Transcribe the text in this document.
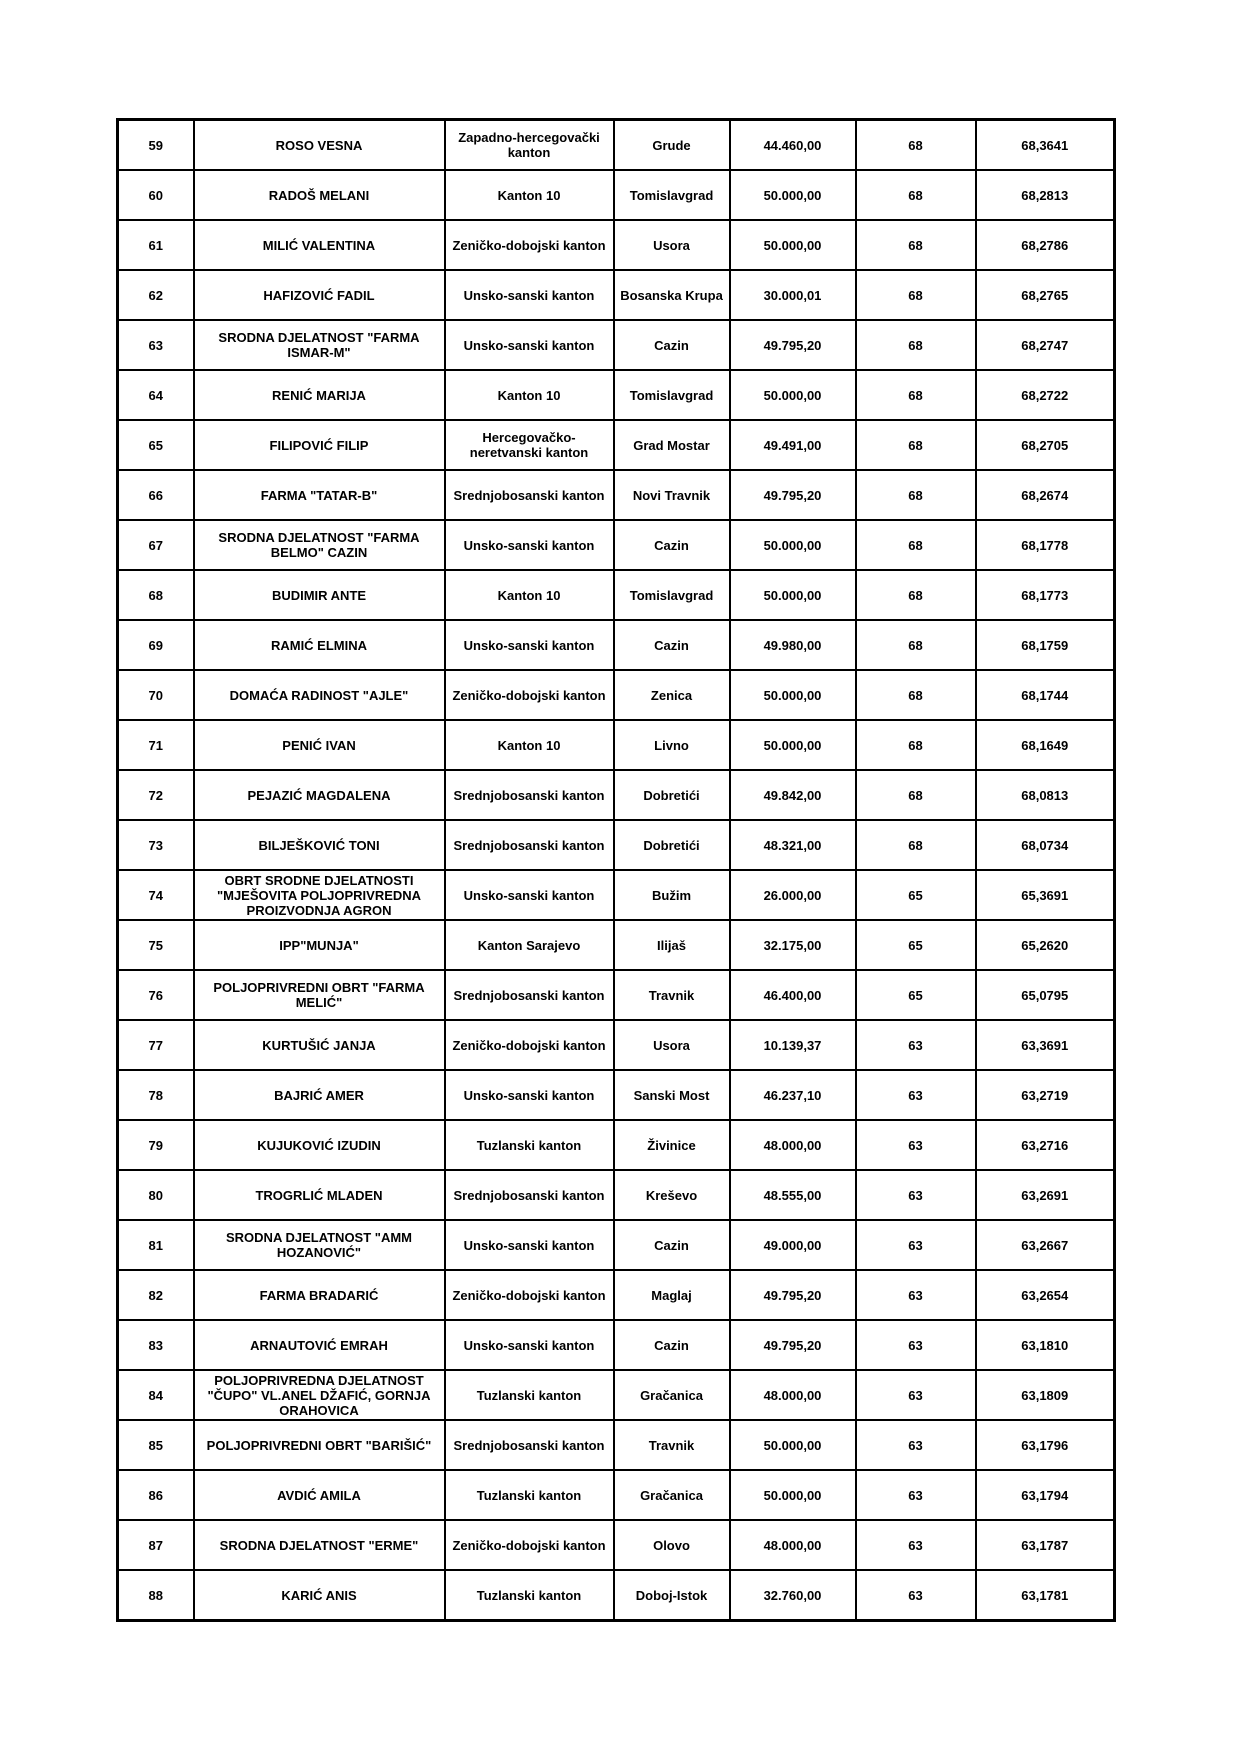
59	ROSO VESNA	Zapadno-hercegovački kanton	Grude	44.460,00	68	68,3641
60	RADOŠ MELANI	Kanton 10	Tomislavgrad	50.000,00	68	68,2813
61	MILIĆ VALENTINA	Zeničko-dobojski kanton	Usora	50.000,00	68	68,2786
62	HAFIZOVIĆ FADIL	Unsko-sanski kanton	Bosanska Krupa	30.000,01	68	68,2765
63	SRODNA DJELATNOST "FARMA ISMAR-M"	Unsko-sanski kanton	Cazin	49.795,20	68	68,2747
64	RENIĆ MARIJA	Kanton 10	Tomislavgrad	50.000,00	68	68,2722
65	FILIPOVIĆ FILIP	Hercegovačko-neretvanski kanton	Grad Mostar	49.491,00	68	68,2705
66	FARMA "TATAR-B"	Srednjobosanski kanton	Novi Travnik	49.795,20	68	68,2674
67	SRODNA DJELATNOST "FARMA BELMO" CAZIN	Unsko-sanski kanton	Cazin	50.000,00	68	68,1778
68	BUDIMIR ANTE	Kanton 10	Tomislavgrad	50.000,00	68	68,1773
69	RAMIĆ ELMINA	Unsko-sanski kanton	Cazin	49.980,00	68	68,1759
70	DOMAĆA RADINOST "AJLE"	Zeničko-dobojski kanton	Zenica	50.000,00	68	68,1744
71	PENIĆ IVAN	Kanton 10	Livno	50.000,00	68	68,1649
72	PEJAZIĆ MAGDALENA	Srednjobosanski kanton	Dobretići	49.842,00	68	68,0813
73	BILJEŠKOVIĆ TONI	Srednjobosanski kanton	Dobretići	48.321,00	68	68,0734
74	OBRT SRODNE DJELATNOSTI "MJEŠOVITA POLJOPRIVREDNA PROIZVODNJA AGRON	Unsko-sanski kanton	Bužim	26.000,00	65	65,3691
75	IPP"MUNJA"	Kanton Sarajevo	Ilijaš	32.175,00	65	65,2620
76	POLJOPRIVREDNI OBRT "FARMA MELIĆ"	Srednjobosanski kanton	Travnik	46.400,00	65	65,0795
77	KURTUŠIĆ JANJA	Zeničko-dobojski kanton	Usora	10.139,37	63	63,3691
78	BAJRIĆ AMER	Unsko-sanski kanton	Sanski Most	46.237,10	63	63,2719
79	KUJUKOVIĆ IZUDIN	Tuzlanski kanton	Živinice	48.000,00	63	63,2716
80	TROGRLIĆ MLADEN	Srednjobosanski kanton	Kreševo	48.555,00	63	63,2691
81	SRODNA DJELATNOST "AMM HOZANOVIĆ"	Unsko-sanski kanton	Cazin	49.000,00	63	63,2667
82	FARMA BRADARIĆ	Zeničko-dobojski kanton	Maglaj	49.795,20	63	63,2654
83	ARNAUTOVIĆ EMRAH	Unsko-sanski kanton	Cazin	49.795,20	63	63,1810
84	POLJOPRIVREDNA DJELATNOST "ČUPO" VL.ANEL DŽAFIĆ, GORNJA ORAHOVICA	Tuzlanski kanton	Gračanica	48.000,00	63	63,1809
85	POLJOPRIVREDNI OBRT "BARIŠIĆ"	Srednjobosanski kanton	Travnik	50.000,00	63	63,1796
86	AVDIĆ AMILA	Tuzlanski kanton	Gračanica	50.000,00	63	63,1794
87	SRODNA DJELATNOST "ERME"	Zeničko-dobojski kanton	Olovo	48.000,00	63	63,1787
88	KARIĆ ANIS	Tuzlanski kanton	Doboj-Istok	32.760,00	63	63,1781
